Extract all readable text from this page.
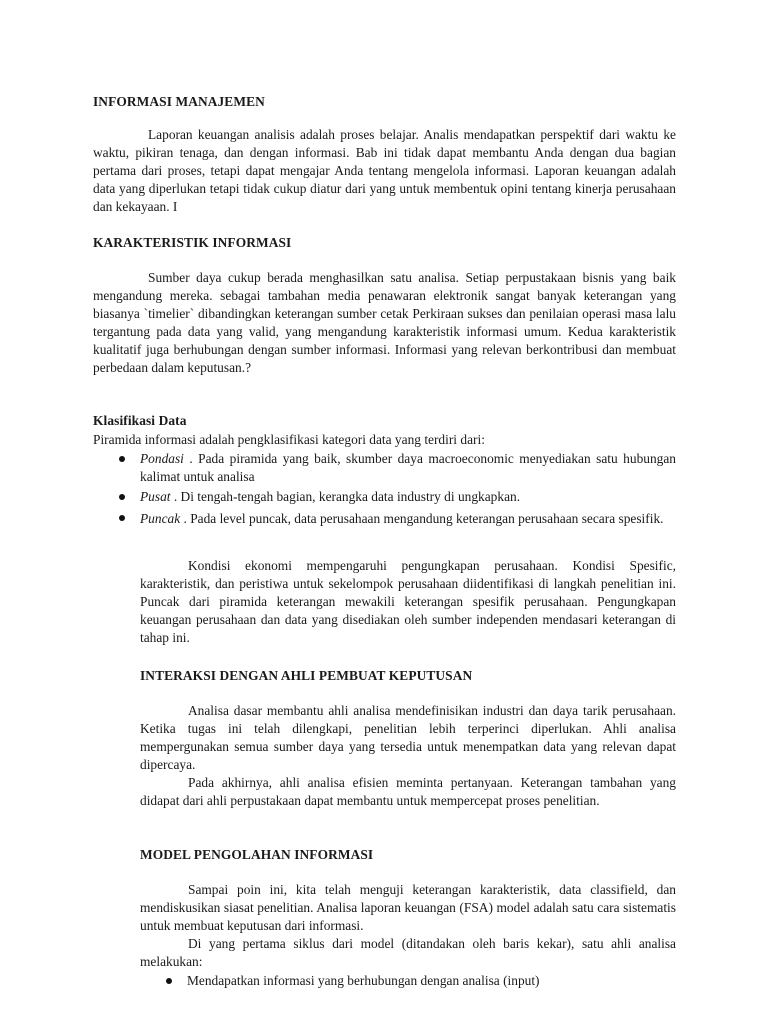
INFORMASI MANAJEMEN

Laporan keuangan analisis adalah proses belajar. Analis mendapatkan perspektif dari waktu ke waktu, pikiran tenaga, dan dengan informasi. Bab ini tidak dapat membantu Anda dengan dua bagian pertama dari proses, tetapi dapat mengajar Anda tentang mengelola informasi. Laporan keuangan adalah data yang diperlukan tetapi tidak cukup diatur dari yang untuk membentuk opini tentang kinerja perusahaan dan kekayaan. I

KARAKTERISTIK INFORMASI

Sumber daya cukup berada menghasilkan satu analisa. Setiap perpustakaan bisnis yang baik mengandung mereka. sebagai tambahan media penawaran elektronik sangat banyak keterangan yang biasanya `timelier` dibandingkan keterangan sumber cetak Perkiraan sukses dan penilaian operasi masa lalu tergantung pada data yang valid, yang mengandung karakteristik informasi umum. Kedua karakteristik kualitatif juga berhubungan dengan sumber informasi. Informasi yang relevan berkontribusi dan membuat perbedaan dalam keputusan.?

Klasifikasi Data

Piramida informasi adalah pengklasifikasi kategori data yang terdiri dari:

Pondasi . Pada piramida yang baik, skumber daya macroeconomic menyediakan satu hubungan kalimat untuk analisa
Pusat . Di tengah-tengah bagian, kerangka data industry di ungkapkan.
Puncak . Pada level puncak, data perusahaan mengandung keterangan perusahaan secara spesifik.

Kondisi ekonomi mempengaruhi pengungkapan perusahaan. Kondisi Spesific, karakteristik, dan peristiwa untuk sekelompok perusahaan diidentifikasi di langkah penelitian ini. Puncak dari piramida keterangan mewakili keterangan spesifik perusahaan. Pengungkapan keuangan perusahaan dan data yang disediakan oleh sumber independen mendasari keterangan di tahap ini.

INTERAKSI DENGAN AHLI PEMBUAT KEPUTUSAN

Analisa dasar membantu ahli analisa mendefinisikan industri dan daya tarik perusahaan. Ketika tugas ini telah dilengkapi, penelitian lebih terperinci diperlukan. Ahli analisa mempergunakan semua sumber daya yang tersedia untuk menempatkan data yang relevan dapat dipercaya.

Pada akhirnya, ahli analisa efisien meminta pertanyaan. Keterangan tambahan yang didapat dari ahli perpustakaan dapat membantu untuk mempercepat proses penelitian.

MODEL PENGOLAHAN INFORMASI

Sampai poin ini, kita telah menguji keterangan karakteristik, data classifield, dan mendiskusikan siasat penelitian. Analisa laporan keuangan (FSA) model adalah satu cara sistematis untuk membuat keputusan dari informasi.

Di yang pertama siklus dari model (ditandakan oleh baris kekar), satu ahli analisa melakukan:

Mendapatkan informasi yang berhubungan dengan analisa (input)
